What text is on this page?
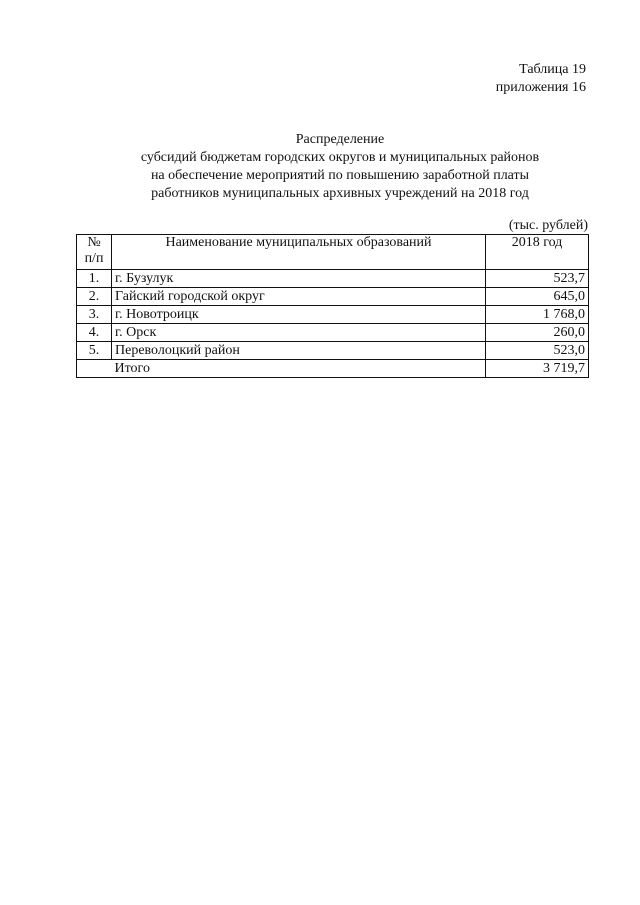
Таблица 19
приложения 16
Распределение
субсидий бюджетам городских округов и муниципальных районов
на обеспечение мероприятий по повышению заработной платы
работников муниципальных архивных учреждений на 2018 год
(тыс. рублей)
№ п/п	Наименование муниципальных образований	2018 год
1.	г. Бузулук	523,7
2.	Гайский городской округ	645,0
3.	г. Новотроицк	1 768,0
4.	г. Орск	260,0
5.	Переволоцкий район	523,0
	Итого	3 719,7
